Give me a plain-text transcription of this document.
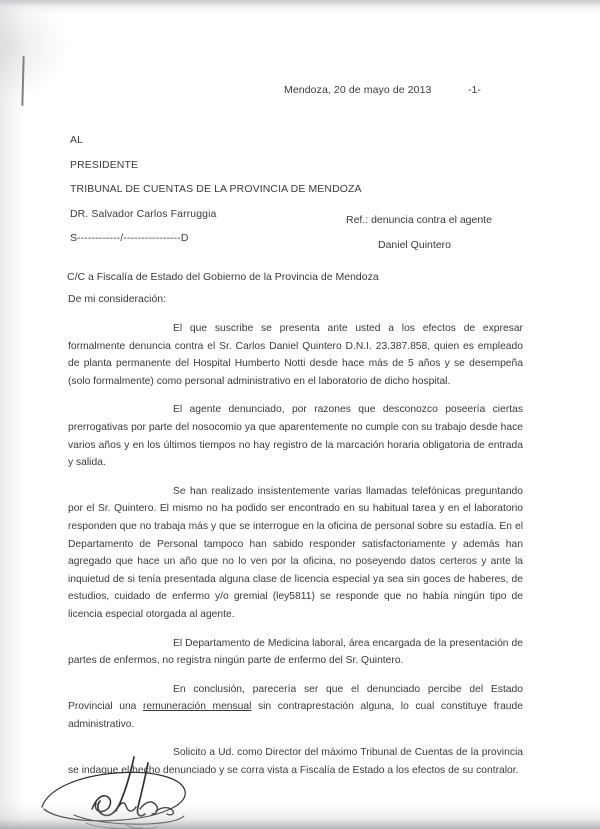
Mendoza, 20 de mayo de 2013	-1-
AL
PRESIDENTE
TRIBUNAL DE CUENTAS DE LA PROVINCIA DE MENDOZA
DR. Salvador Carlos Farruggia
S------------/----------------D
Ref.: denuncia contra el agente
Daniel Quintero
C/C a Fiscalía de Estado del Gobierno de la Provincia de Mendoza
De mi consideración:

El que suscribe se presenta ante usted a los efectos de expresar formalmente denuncia contra el Sr. Carlos Daniel Quintero D.N.I. 23.387.858, quien es empleado de planta permanente del Hospital Humberto Notti desde hace más de 5 años y se desempeña (solo formalmente) como personal administrativo en el laboratorio de dicho hospital.

El agente denunciado, por razones que desconozco poseería ciertas prerrogativas por parte del nosocomio ya que aparentemente no cumple con su trabajo desde hace varios años y en los últimos tiempos no hay registro de la marcación horaria obligatoria de entrada y salida.

Se han realizado insistentemente varias llamadas telefónicas preguntando por el Sr. Quintero. El mismo no ha podido ser encontrado en su habitual tarea y en el laboratorio responden que no trabaja más y que se interrogue en la oficina de personal sobre su estadía. En el Departamento de Personal tampoco han sabido responder satisfactoriamente y además han agregado que hace un año que no lo ven por la oficina, no poseyendo datos certeros y ante la inquietud de si tenía presentada alguna clase de licencia especial ya sea sin goces de haberes, de estudios, cuidado de enfermo y/o gremial (ley5811) se responde que no había ningún tipo de licencia especial otorgada al agente.

El Departamento de Medicina laboral, área encargada de la presentación de partes de enfermos, no registra ningún parte de enfermo del Sr. Quintero.

En conclusión, parecería ser que el denunciado percibe del Estado Provincial una remuneración mensual sin contraprestación alguna, lo cual constituye fraude administrativo.

Solicito a Ud. como Director del máximo Tribunal de Cuentas de la provincia se indague el hecho denunciado y se corra vista a Fiscalía de Estado a los efectos de su contralor.
